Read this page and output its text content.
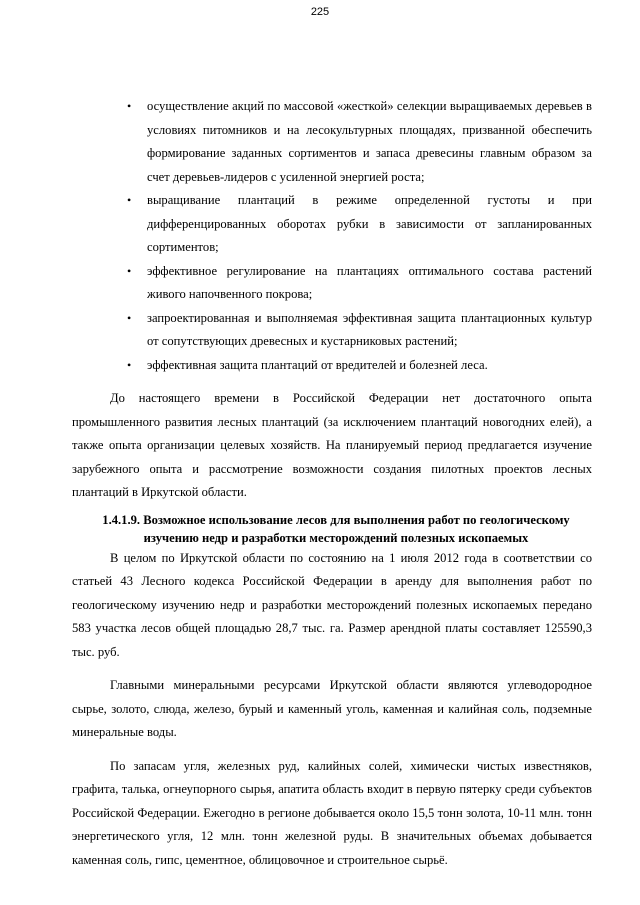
225
• осуществление акций по массовой «жесткой» селекции выращиваемых деревьев в условиях питомников и на лесокультурных площадях, призванной обеспечить формирование заданных сортиментов и запаса древесины главным образом за счет деревьев-лидеров с усиленной энергией роста;
• выращивание плантаций в режиме определенной густоты и при дифференцированных оборотах рубки в зависимости от запланированных сортиментов;
• эффективное регулирование на плантациях оптимального состава растений живого напочвенного покрова;
• запроектированная и выполняемая эффективная защита плантационных культур от сопутствующих древесных и кустарниковых растений;
• эффективная защита плантаций от вредителей и болезней леса.

До настоящего времени в Российской Федерации нет достаточного опыта промышленного развития лесных плантаций (за исключением плантаций новогодних елей), а также опыта организации целевых хозяйств. На планируемый период предлагается изучение зарубежного опыта и рассмотрение возможности создания пилотных проектов лесных плантаций в Иркутской области.

1.4.1.9. Возможное использование лесов для выполнения работ по геологическому изучению недр и разработки месторождений полезных ископаемых

В целом по Иркутской области по состоянию на 1 июля 2012 года в соответствии со статьей 43 Лесного кодекса Российской Федерации в аренду для выполнения работ по геологическому изучению недр и разработки месторождений полезных ископаемых передано 583 участка лесов общей площадью 28,7 тыс. га. Размер арендной платы составляет 125590,3 тыс. руб.

Главными минеральными ресурсами Иркутской области являются углеводородное сырье, золото, слюда, железо, бурый и каменный уголь, каменная и калийная соль, подземные минеральные воды.

По запасам угля, железных руд, калийных солей, химически чистых известняков, графита, талька, огнеупорного сырья, апатита область входит в первую пятерку среди субъектов Российской Федерации. Ежегодно в регионе добывается около 15,5 тонн золота, 10-11 млн. тонн энергетического угля, 12 млн. тонн железной руды. В значительных объемах добывается каменная соль, гипс, цементное, облицовочное и строительное сырьё.
